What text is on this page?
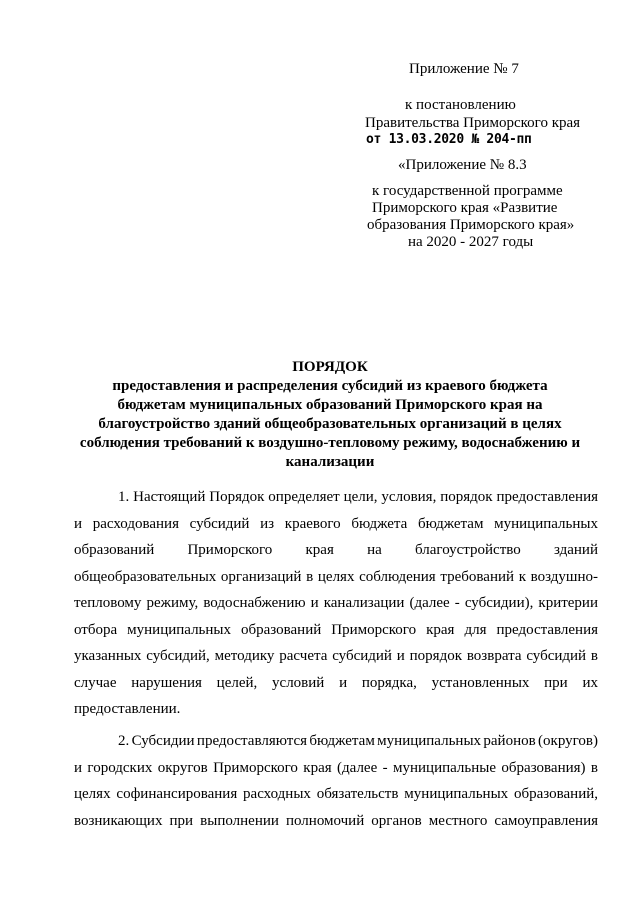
Приложение № 7
к постановлению
Правительства Приморского края
от 13.03.2020 № 204-пп
«Приложение № 8.3
к государственной программе
Приморского края «Развитие
образования Приморского края»
на 2020 - 2027 годы
ПОРЯДОК
предоставления и распределения субсидий из краевого бюджета
бюджетам муниципальных образований Приморского края на
благоустройство зданий общеобразовательных организаций в целях
соблюдения требований к воздушно-тепловому режиму, водоснабжению и
канализации
1. Настоящий Порядок определяет цели, условия, порядок предоставления
и расходования субсидий из краевого бюджета бюджетам муниципальных
образований Приморского края на благоустройство зданий
общеобразовательных организаций в целях соблюдения требований к воздушно-
тепловому режиму, водоснабжению и канализации (далее - субсидии), критерии
отбора муниципальных образований Приморского края для предоставления
указанных субсидий, методику расчета субсидий и порядок возврата субсидий в
случае нарушения целей, условий и порядка, установленных при их
предоставлении.
2. Субсидии предоставляются бюджетам муниципальных районов (округов)
и городских округов Приморского края (далее - муниципальные образования) в
целях софинансирования расходных обязательств муниципальных образований,
возникающих при выполнении полномочий органов местного самоуправления
